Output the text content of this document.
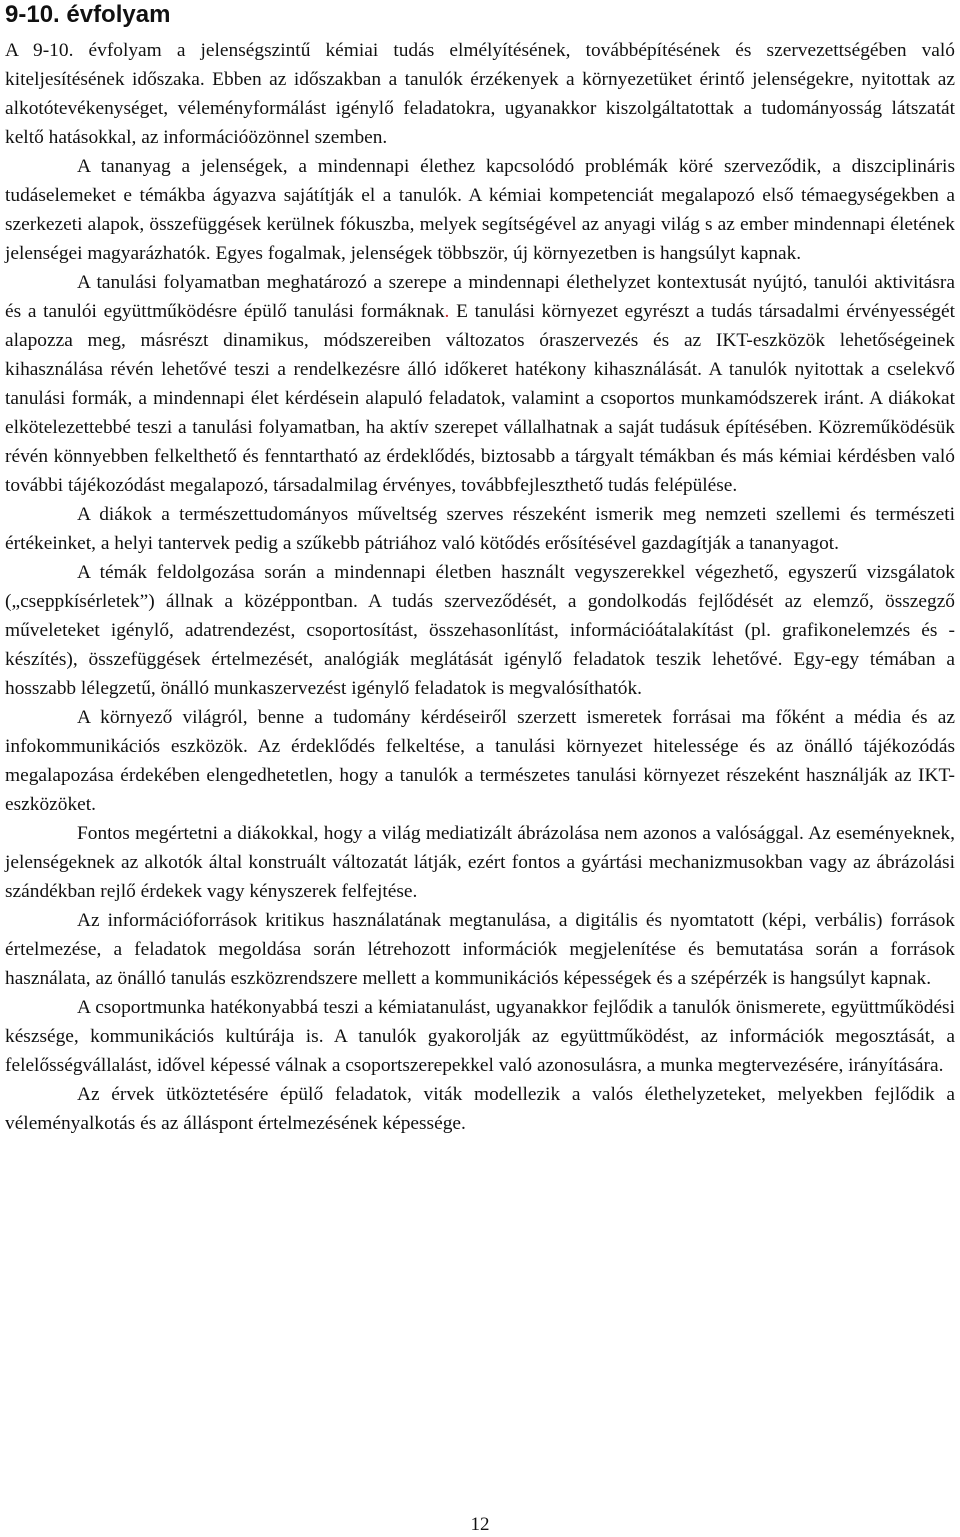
9-10. évfolyam

A 9-10. évfolyam a jelenségszintű kémiai tudás elmélyítésének, továbbépítésének és szervezettségében való kiteljesítésének időszaka. Ebben az időszakban a tanulók érzékenyek a környezetüket érintő jelenségekre, nyitottak az alkotótevékenységet, véleményformálást igénylő feladatokra, ugyanakkor kiszolgáltatottak a tudományosság látszatát keltő hatásokkal, az információözönnel szemben.

A tananyag a jelenségek, a mindennapi élethez kapcsolódó problémák köré szerveződik, a diszciplináris tudáselemeket e témákba ágyazva sajátítják el a tanulók. A kémiai kompetenciát megalapozó első témaegységekben a szerkezeti alapok, összefüggések kerülnek fókuszba, melyek segítségével az anyagi világ s az ember mindennapi életének jelenségei magyarázhatók. Egyes fogalmak, jelenségek többször, új környezetben is hangsúlyt kapnak.

A tanulási folyamatban meghatározó a szerepe a mindennapi élethelyzet kontextusát nyújtó, tanulói aktivitásra és a tanulói együttműködésre épülő tanulási formáknak. E tanulási környezet egyrészt a tudás társadalmi érvényességét alapozza meg, másrészt dinamikus, módszereiben változatos óraszervezés és az IKT-eszközök lehetőségeinek kihasználása révén lehetővé teszi a rendelkezésre álló időkeret hatékony kihasználását. A tanulók nyitottak a cselekvő tanulási formák, a mindennapi élet kérdésein alapuló feladatok, valamint a csoportos munkamódszerek iránt. A diákokat elkötelezettebbé teszi a tanulási folyamatban, ha aktív szerepet vállalhatnak a saját tudásuk építésében. Közreműködésük révén könnyebben felkelthető és fenntartható az érdeklődés, biztosabb a tárgyalt témákban és más kémiai kérdésben való további tájékozódást megalapozó, társadalmilag érvényes, továbbfejleszthető tudás felépülése.

A diákok a természettudományos műveltség szerves részeként ismerik meg nemzeti szellemi és természeti értékeinket, a helyi tantervek pedig a szűkebb pátriához való kötődés erősítésével gazdagítják a tananyagot.

A témák feldolgozása során a mindennapi életben használt vegyszerekkel végezhető, egyszerű vizsgálatok („cseppkísérletek”) állnak a középpontban. A tudás szerveződését, a gondolkodás fejlődését az elemző, összegző műveleteket igénylő, adatrendezést, csoportosítást, összehasonlítást, információátalakítást (pl. grafikonelemzés és -készítés), összefüggések értelmezését, analógiák meglátását igénylő feladatok teszik lehetővé. Egy-egy témában a hosszabb lélegzetű, önálló munkaszervezést igénylő feladatok is megvalósíthatók.

A környező világról, benne a tudomány kérdéseiről szerzett ismeretek forrásai ma főként a média és az infokommunikációs eszközök. Az érdeklődés felkeltése, a tanulási környezet hitelessége és az önálló tájékozódás megalapozása érdekében elengedhetetlen, hogy a tanulók a természetes tanulási környezet részeként használják az IKT-eszközöket.

Fontos megértetni a diákokkal, hogy a világ mediatizált ábrázolása nem azonos a valósággal. Az eseményeknek, jelenségeknek az alkotók által konstruált változatát látják, ezért fontos a gyártási mechanizmusokban vagy az ábrázolási szándékban rejlő érdekek vagy kényszerek felfejtése.

Az információforrások kritikus használatának megtanulása, a digitális és nyomtatott (képi, verbális) források értelmezése, a feladatok megoldása során létrehozott információk megjelenítése és bemutatása során a források használata, az önálló tanulás eszközrendszere mellett a kommunikációs képességek és a szépérzék is hangsúlyt kapnak.

A csoportmunka hatékonyabbá teszi a kémiatanulást, ugyanakkor fejlődik a tanulók önismerete, együttműködési készsége, kommunikációs kultúrája is. A tanulók gyakorolják az együttműködést, az információk megosztását, a felelősségvállalást, idővel képessé válnak a csoportszerepekkel való azonosulásra, a munka megtervezésére, irányítására.

Az érvek ütköztetésére épülő feladatok, viták modellezik a valós élethelyzeteket, melyekben fejlődik a véleményalkotás és az álláspont értelmezésének képessége.

12
